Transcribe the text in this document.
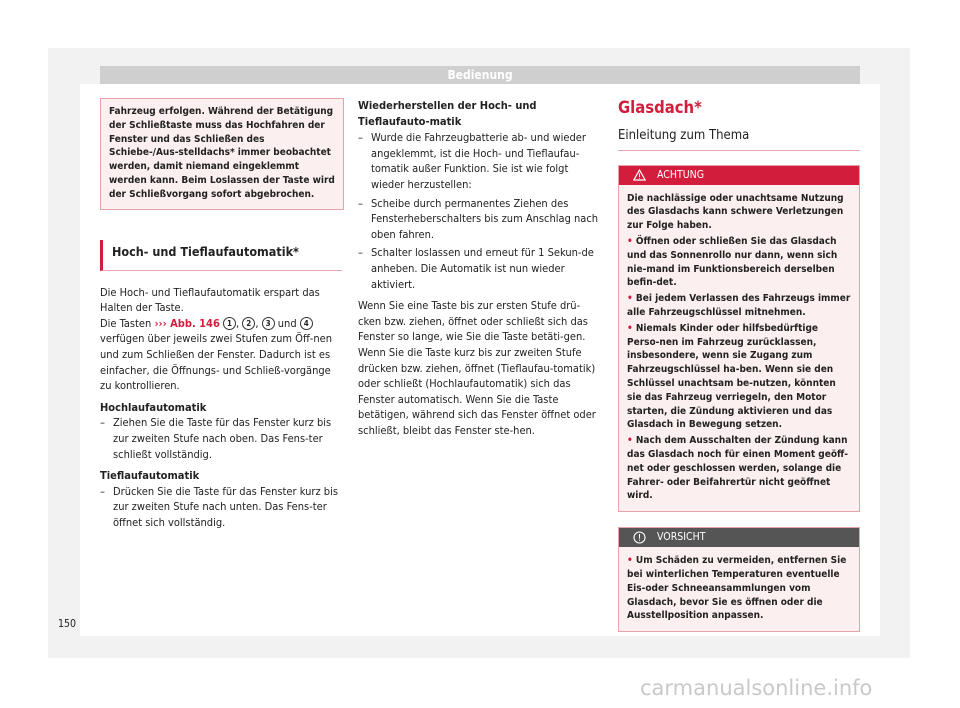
Bedienung

Fahrzeug erfolgen. Während der Betätigung der Schließtaste muss das Hochfahren der Fenster und das Schließen des Schiebe-/Aus-stelldachs* immer beobachtet werden, damit niemand eingeklemmt werden kann. Beim Loslassen der Taste wird der Schließvorgang sofort abgebrochen.

Hoch- und Tieflaufautomatik*

Die Hoch- und Tieflaufautomatik erspart das Halten der Taste.

Die Tasten ››› Abb. 146 1 , 2 , 3 und 4 verfügen über jeweils zwei Stufen zum Öff-nen und zum Schließen der Fenster. Dadurch ist es einfacher, die Öffnungs- und Schließ-vorgänge zu kontrollieren.

Hochlaufautomatik

– Ziehen Sie die Taste für das Fenster kurz bis zur zweiten Stufe nach oben. Das Fens-ter schließt vollständig.

Tieflaufautomatik

– Drücken Sie die Taste für das Fenster kurz bis zur zweiten Stufe nach unten. Das Fens-ter öffnet sich vollständig.

Wiederherstellen der Hoch- und Tieflaufauto-matik

– Wurde die Fahrzeugbatterie ab- und wieder angeklemmt, ist die Hoch- und Tieflaufau-tomatik außer Funktion. Sie ist wie folgt wieder herzustellen:
– Scheibe durch permanentes Ziehen des Fensterheberschalters bis zum Anschlag nach oben fahren.
– Schalter loslassen und erneut für 1 Sekun-de anheben. Die Automatik ist nun wieder aktiviert.

Wenn Sie eine Taste bis zur ersten Stufe drü-cken bzw. ziehen, öffnet oder schließt sich das Fenster so lange, wie Sie die Taste betäti-gen. Wenn Sie die Taste kurz bis zur zweiten Stufe drücken bzw. ziehen, öffnet (Tieflaufau-tomatik) oder schließt (Hochlaufautomatik) sich das Fenster automatisch. Wenn Sie die Taste betätigen, während sich das Fenster öffnet oder schließt, bleibt das Fenster ste-hen.

Glasdach*
Einleitung zum Thema
ACHTUNG

Die nachlässige oder unachtsame Nutzung des Glasdachs kann schwere Verletzungen zur Folge haben.

• Öffnen oder schließen Sie das Glasdach und das Sonnenrollo nur dann, wenn sich nie-mand im Funktionsbereich derselben befin-det.

• Bei jedem Verlassen des Fahrzeugs immer alle Fahrzeugschlüssel mitnehmen.

• Niemals Kinder oder hilfsbedürftige Perso-nen im Fahrzeug zurücklassen, insbesondere, wenn sie Zugang zum Fahrzeugschlüssel ha-ben. Wenn sie den Schlüssel unachtsam be-nutzen, könnten sie das Fahrzeug verriegeln, den Motor starten, die Zündung aktivieren und das Glasdach in Bewegung setzen.

• Nach dem Ausschalten der Zündung kann das Glasdach noch für einen Moment geöff-net oder geschlossen werden, solange die Fahrer- oder Beifahrertür nicht geöffnet wird.

VORSICHT

• Um Schäden zu vermeiden, entfernen Sie bei winterlichen Temperaturen eventuelle Eis-oder Schneeansammlungen vom Glasdach, bevor Sie es öffnen oder die Ausstellposition anpassen.

150
carmanualsonline.info
